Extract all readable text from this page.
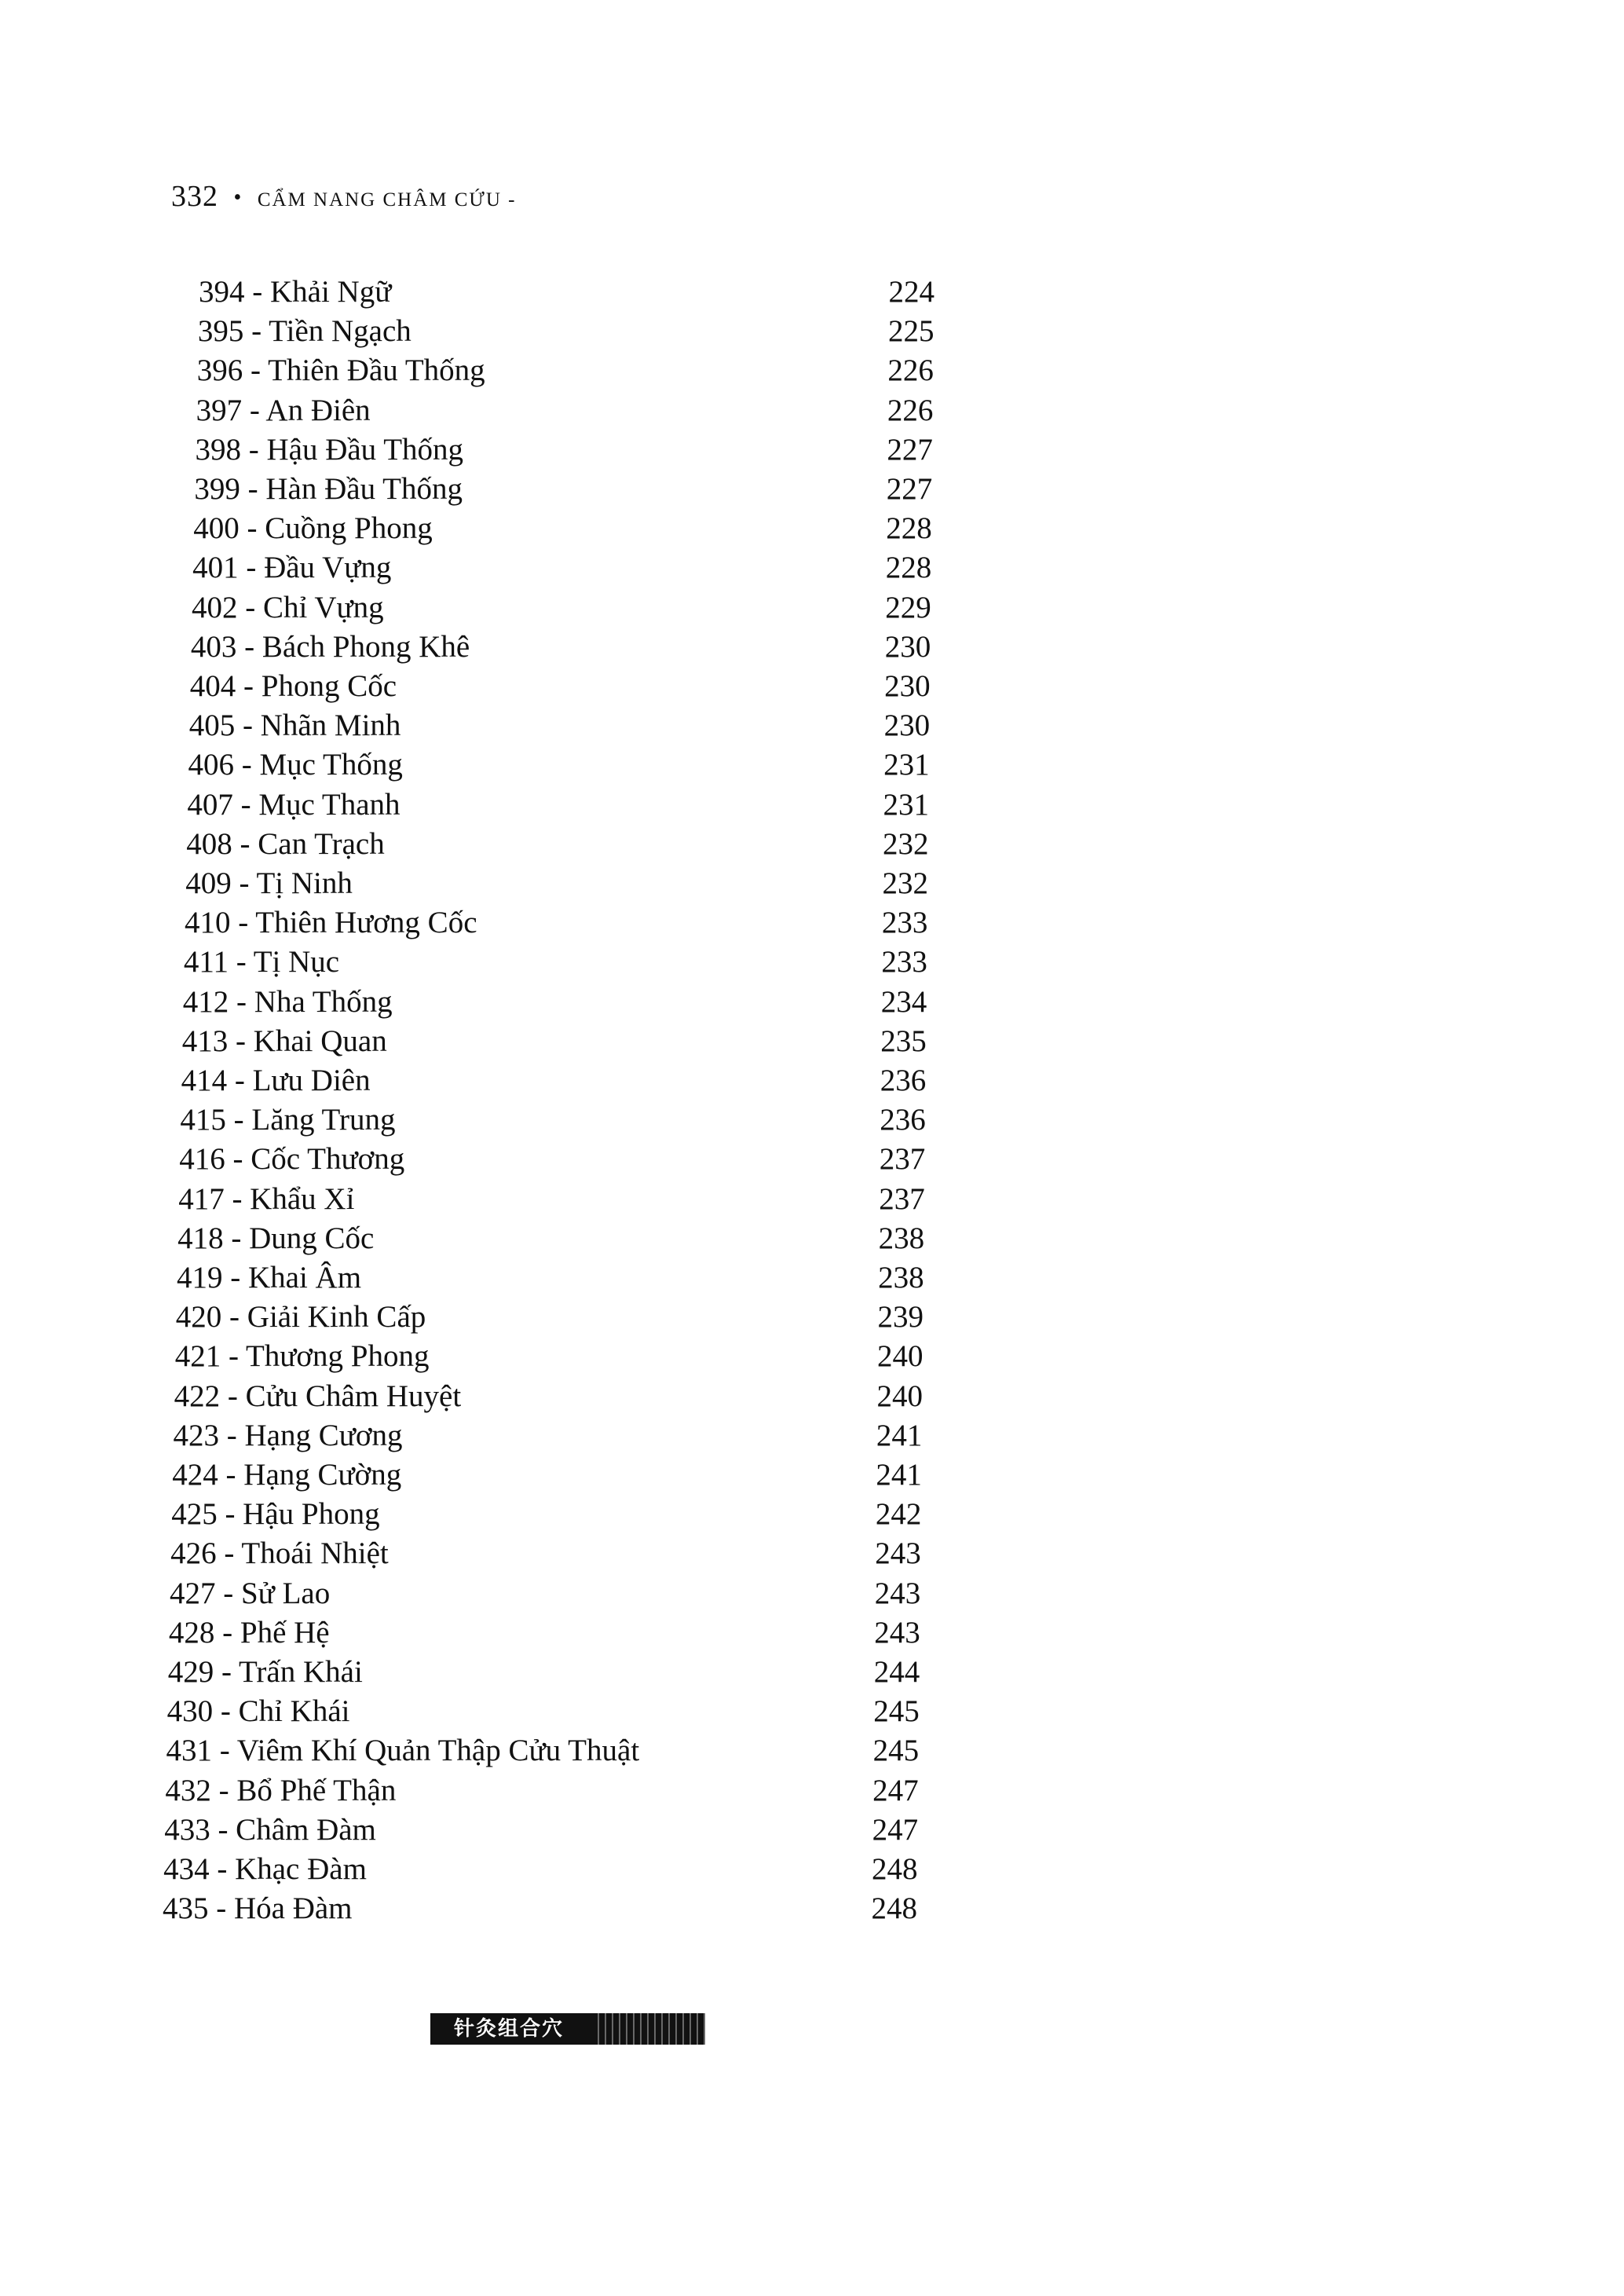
332 • CẨM NANG CHÂM CỨU -
394 - Khải Ngữ	224
395 - Tiền Ngạch	225
396 - Thiên Đầu Thống	226
397 - An Điên	226
398 - Hậu Đầu Thống	227
399 - Hàn Đầu Thống	227
400 - Cuồng Phong	228
401 - Đầu Vựng	228
402 - Chỉ Vựng	229
403 - Bách Phong Khê	230
404 - Phong Cốc	230
405 - Nhãn Minh	230
406 - Mục Thống	231
407 - Mục Thanh	231
408 - Can Trạch	232
409 - Tị Ninh	232
410 - Thiên Hương Cốc	233
411 - Tị Nục	233
412 - Nha Thống	234
413 - Khai Quan	235
414 - Lưu Diên	236
415 - Lăng Trung	236
416 - Cốc Thương	237
417 - Khẩu Xỉ	237
418 - Dung Cốc	238
419 - Khai Âm	238
420 - Giải Kinh Cấp	239
421 - Thương Phong	240
422 - Cửu Châm Huyệt	240
423 - Hạng Cương	241
424 - Hạng Cường	241
425 - Hậu Phong	242
426 - Thoái Nhiệt	243
427 - Sử Lao	243
428 - Phế Hệ	243
429 - Trấn Khái	244
430 - Chỉ Khái	245
431 - Viêm Khí Quản Thập Cửu Thuật	245
432 - Bổ Phế Thận	247
433 - Châm Đàm	247
434 - Khạc Đàm	248
435 - Hóa Đàm	248
针灸组合穴
